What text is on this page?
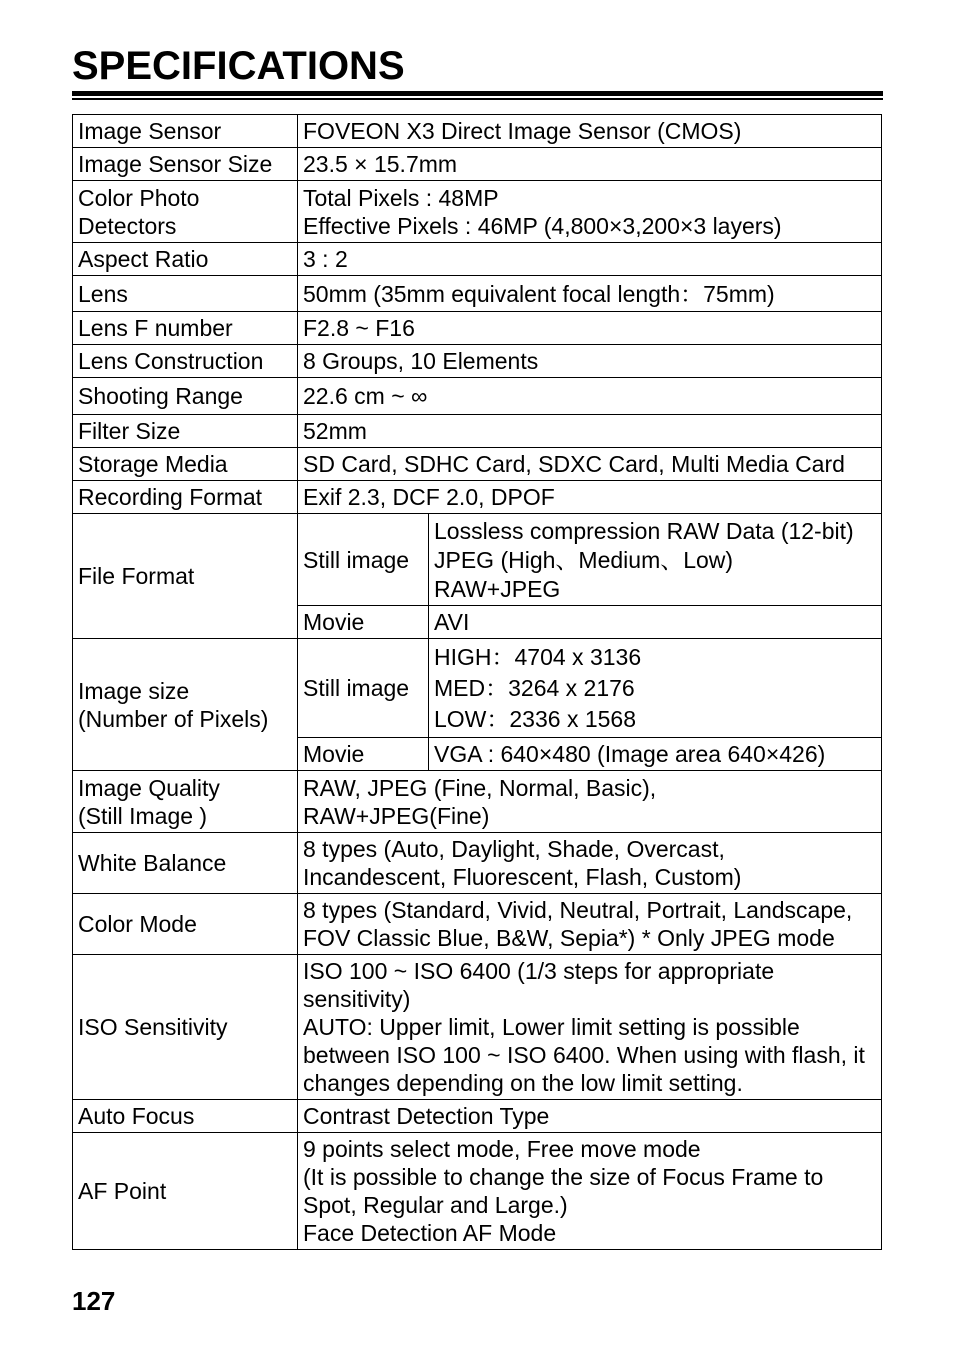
SPECIFICATIONS
Image Sensor	FOVEON X3 Direct Image Sensor (CMOS)	
Image Sensor Size	23.5 × 15.7mm	

Color Photo
Detectors	Total Pixels : 48MP
Effective Pixels : 46MP (4,800×3,200×3 layers)	

Aspect Ratio	3 : 2	
Lens	50mm (35mm equivalent focal length：75mm)	
Lens F number	F2.8 ~ F16	
Lens Construction	8 Groups, 10 Elements	
Shooting Range	22.6 cm ~ ∞	
Filter Size	52mm	
Storage Media	SD Card, SDHC Card, SDXC Card, Multi Media Card	
Recording Format	Exif 2.3, DCF 2.0, DPOF	
File Format	Still image	Lossless compression RAW Data (12-bit)
JPEG (High、Medium、Low)
RAW+JPEG

	Movie	AVI

Image size
(Number of Pixels)	Still image	HIGH：4704 x 3136
MED：3264 x 2176
LOW：2336 x 1568

	Movie	VGA : 640×480 (Image area 640×426)

Image Quality
(Still Image )	RAW, JPEG (Fine, Normal, Basic),
RAW+JPEG(Fine)	

White Balance	8 types (Auto, Daylight, Shade, Overcast,
Incandescent, Fluorescent, Flash, Custom)	

Color Mode	8 types (Standard, Vivid, Neutral, Portrait, Landscape,
FOV Classic Blue, B&W, Sepia*) * Only JPEG mode	

ISO Sensitivity	ISO 100 ~ ISO 6400 (1/3 steps for appropriate
sensitivity)
AUTO: Upper limit, Lower limit setting is possible
between ISO 100 ~ ISO 6400. When using with flash, it
changes depending on the low limit setting.	

Auto Focus	Contrast Detection Type	
AF Point	9 points select mode, Free move mode
(It is possible to change the size of Focus Frame to
Spot, Regular and Large.)
Face Detection AF Mode	
127
